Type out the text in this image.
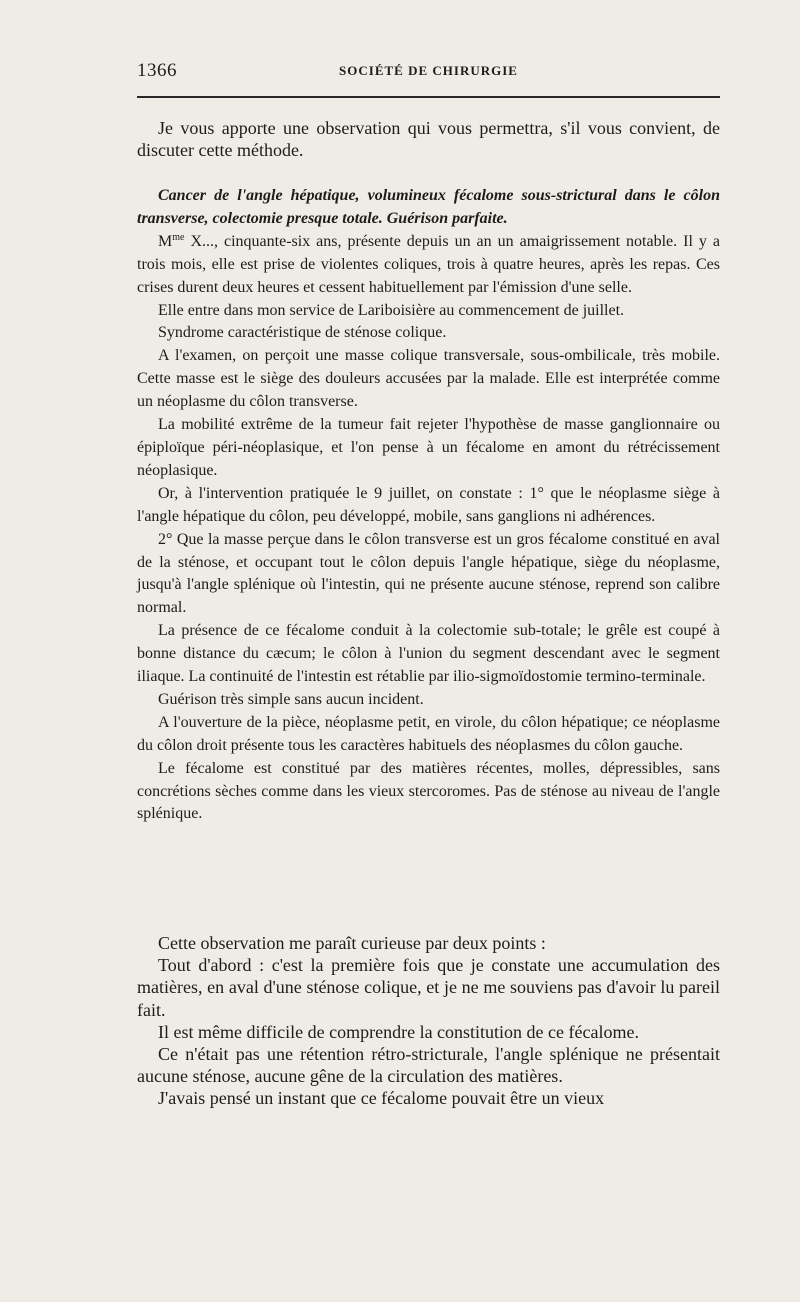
1366	SOCIÉTÉ DE CHIRURGIE

Je vous apporte une observation qui vous permettra, s'il vous convient, de discuter cette méthode.

Cancer de l'angle hépatique, volumineux fécalome sous-strictural dans le côlon transverse, colectomie presque totale. Guérison parfaite.

$M^{me}$ X..., cinquante-six ans, présente depuis un an un amaigrissement notable. Il y a trois mois, elle est prise de violentes coliques, trois à quatre heures, après les repas. Ces crises durent deux heures et cessent habituellement par l'émission d'une selle.

Elle entre dans mon service de Lariboisière au commencement de juillet.

Syndrome caractéristique de sténose colique.

A l'examen, on perçoit une masse colique transversale, sous-ombilicale, très mobile. Cette masse est le siège des douleurs accusées par la malade. Elle est interprétée comme un néoplasme du côlon transverse.

La mobilité extrême de la tumeur fait rejeter l'hypothèse de masse ganglionnaire ou épiploïque péri-néoplasique, et l'on pense à un fécalome en amont du rétrécissement néoplasique.

Or, à l'intervention pratiquée le 9 juillet, on constate : 1° que le néoplasme siège à l'angle hépatique du côlon, peu développé, mobile, sans ganglions ni adhérences.

2° Que la masse perçue dans le côlon transverse est un gros fécalome constitué en aval de la sténose, et occupant tout le côlon depuis l'angle hépatique, siège du néoplasme, jusqu'à l'angle splénique où l'intestin, qui ne présente aucune sténose, reprend son calibre normal.

La présence de ce fécalome conduit à la colectomie sub-totale; le grêle est coupé à bonne distance du cæcum; le côlon à l'union du segment descendant avec le segment iliaque. La continuité de l'intestin est rétablie par ilio-sigmoïdostomie termino-terminale.

Guérison très simple sans aucun incident.

A l'ouverture de la pièce, néoplasme petit, en virole, du côlon hépatique; ce néoplasme du côlon droit présente tous les caractères habituels des néoplasmes du côlon gauche.

Le fécalome est constitué par des matières récentes, molles, dépressibles, sans concrétions sèches comme dans les vieux stercoromes. Pas de sténose au niveau de l'angle splénique.

Cette observation me paraît curieuse par deux points :

Tout d'abord : c'est la première fois que je constate une accumulation des matières, en aval d'une sténose colique, et je ne me souviens pas d'avoir lu pareil fait.

Il est même difficile de comprendre la constitution de ce fécalome.

Ce n'était pas une rétention rétro-stricturale, l'angle splénique ne présentait aucune sténose, aucune gêne de la circulation des matières.

J'avais pensé un instant que ce fécalome pouvait être un vieux
